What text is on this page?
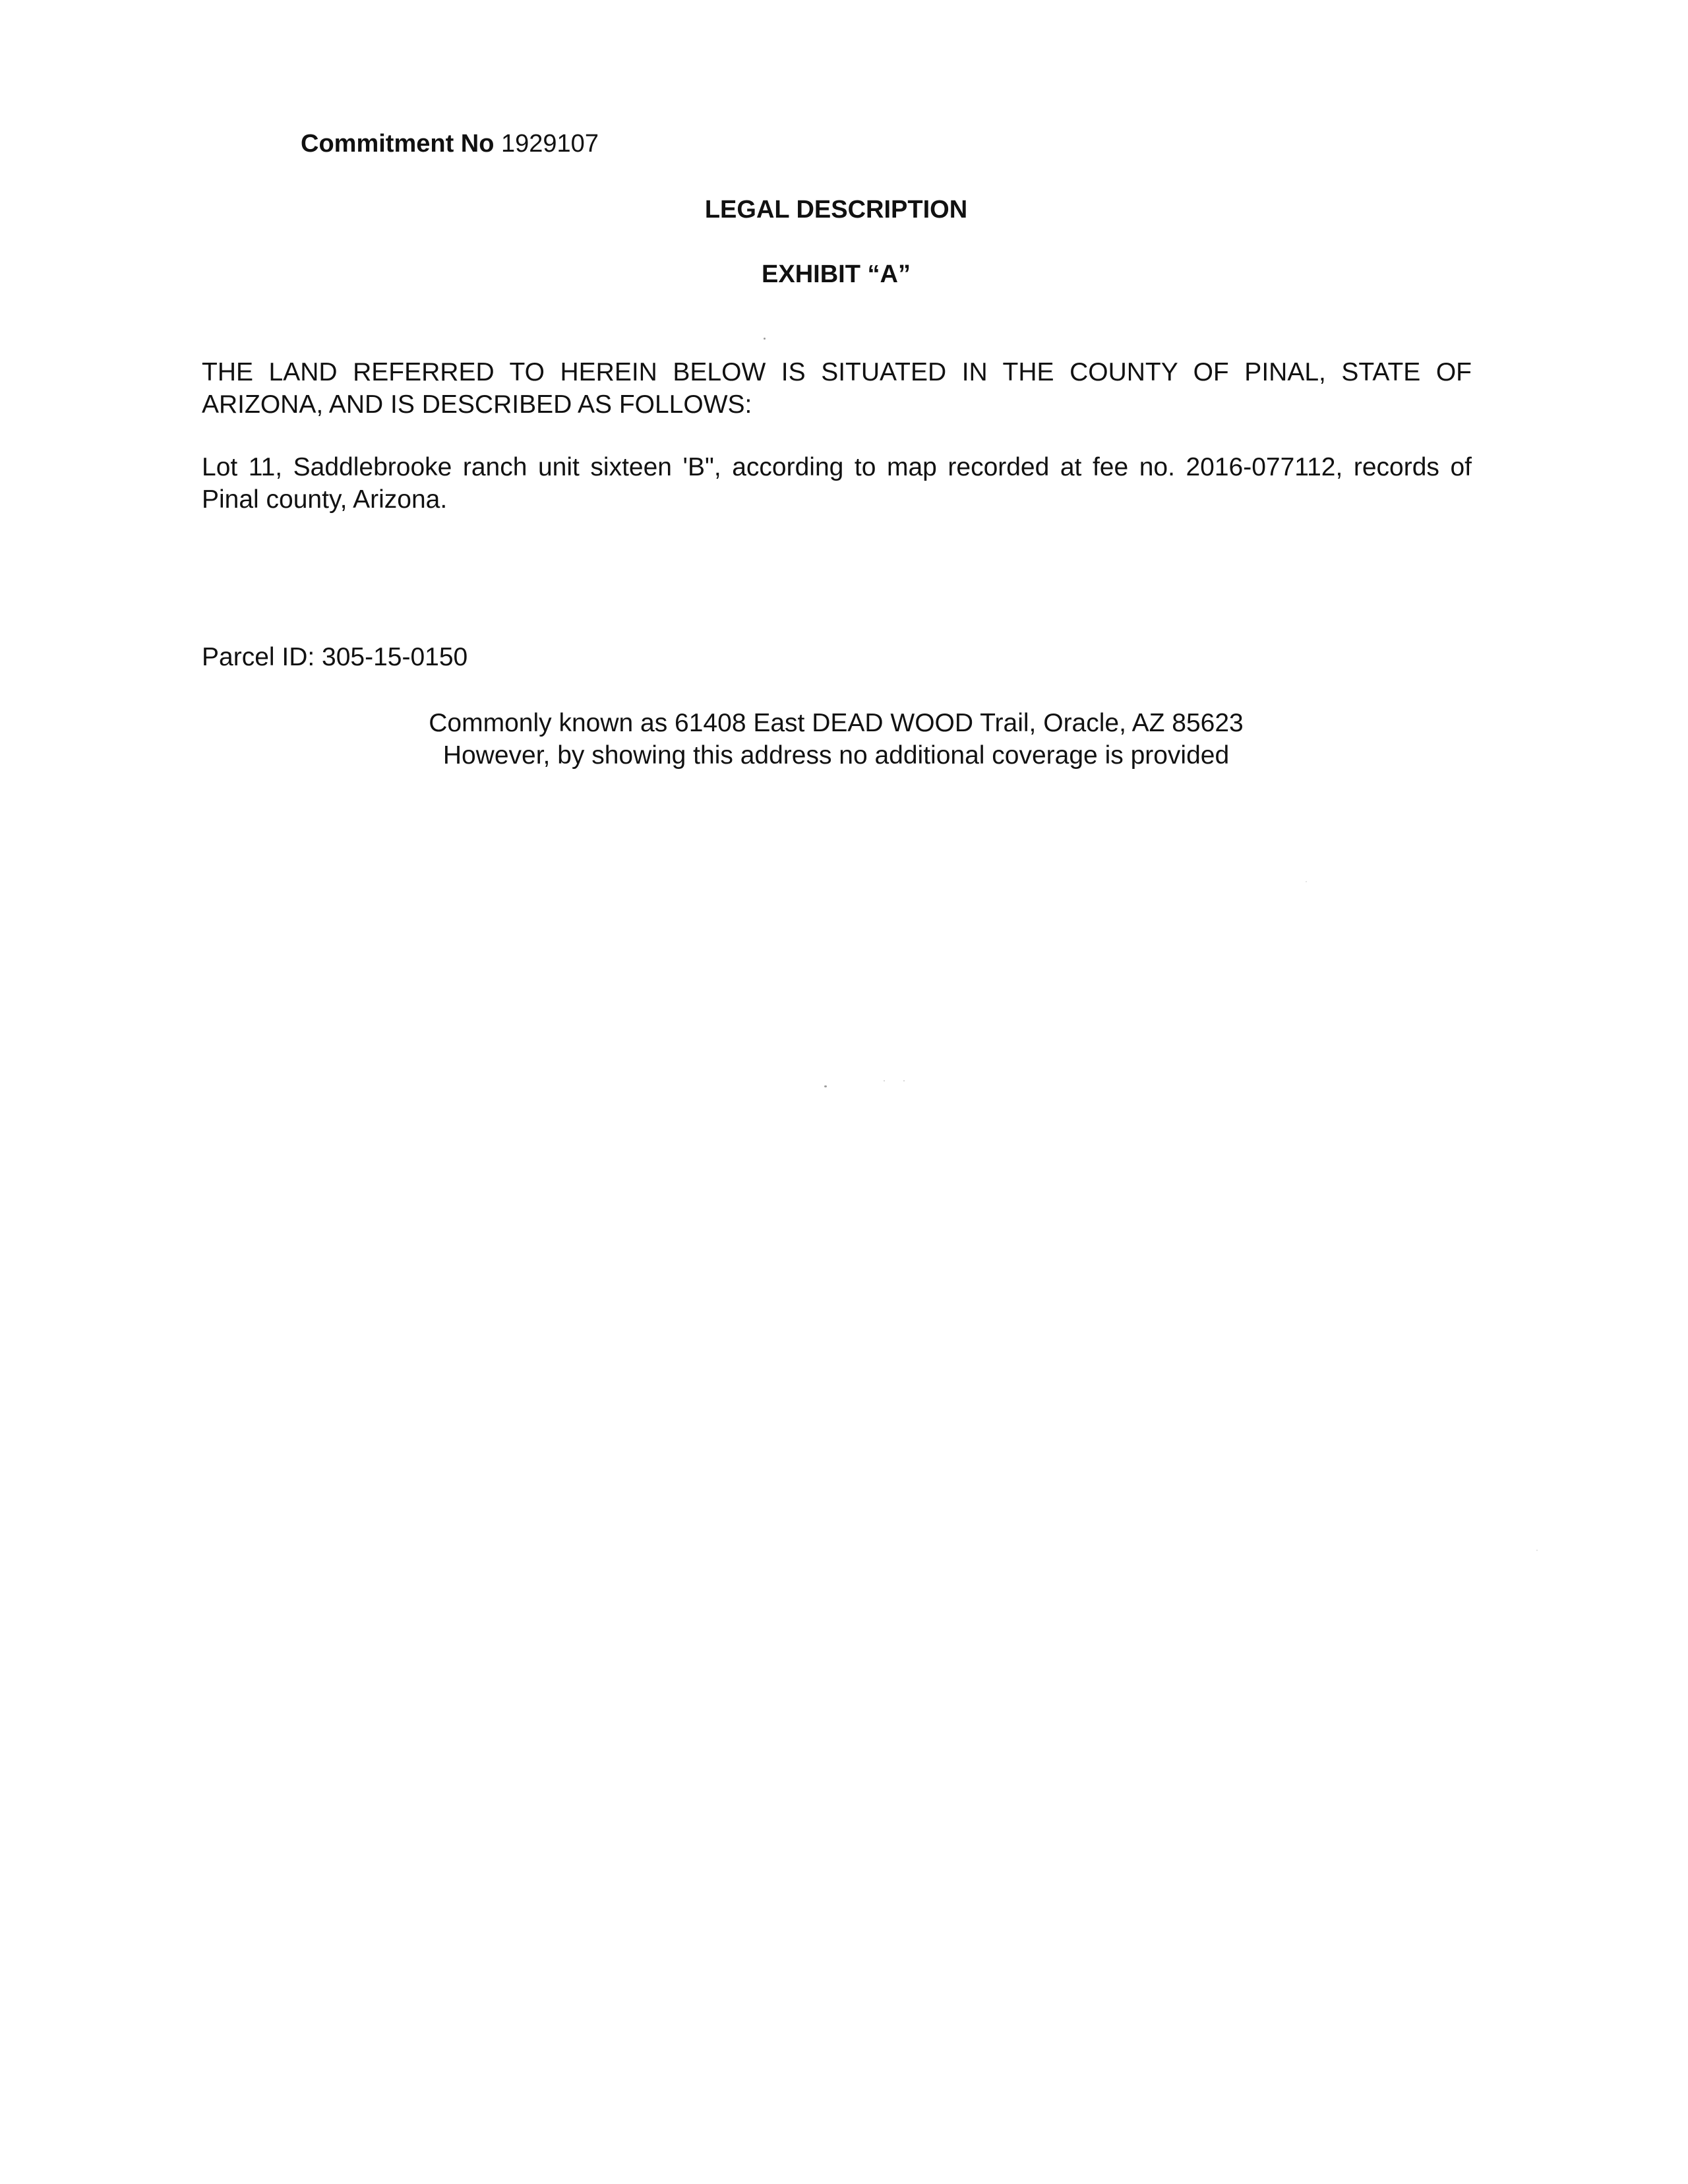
Commitment No 1929107
LEGAL DESCRIPTION
EXHIBIT “A”
THE LAND REFERRED TO HEREIN BELOW IS SITUATED IN THE COUNTY OF PINAL, STATE OF ARIZONA, AND IS DESCRIBED AS FOLLOWS:
Lot 11, Saddlebrooke ranch unit sixteen 'B", according to map recorded at fee no. 2016-077112, records of Pinal county, Arizona.
Parcel ID: 305-15-0150
Commonly known as 61408 East DEAD WOOD Trail, Oracle, AZ 85623
However, by showing this address no additional coverage is provided
